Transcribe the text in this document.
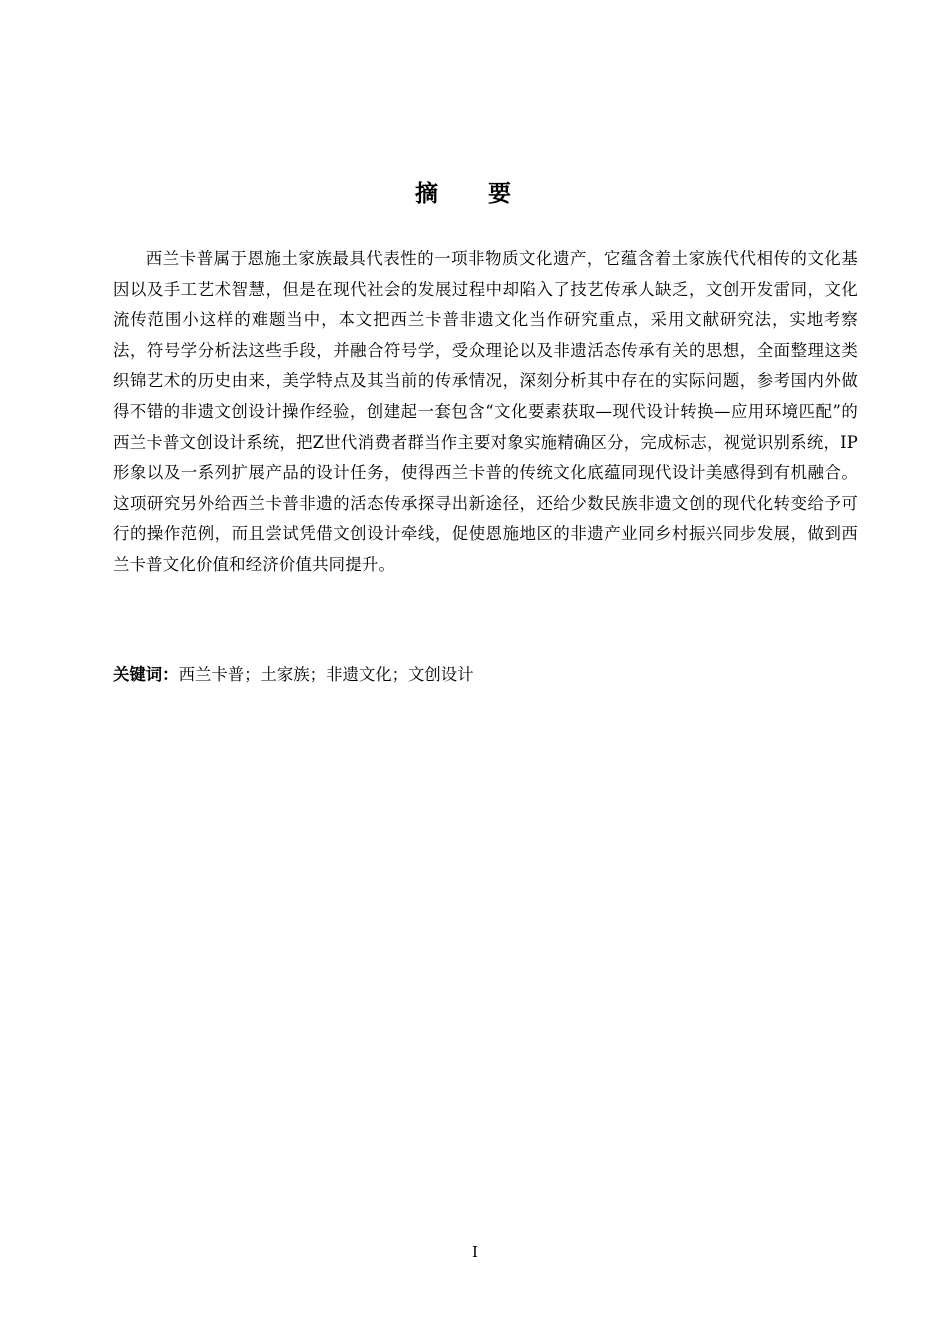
摘要

西兰卡普属于恩施土家族最具代表性的一项非物质文化遗产，它蕴含着土家族代代相传的文化基因以及手工艺术智慧，但是在现代社会的发展过程中却陷入了技艺传承人缺乏，文创开发雷同，文化流传范围小这样的难题当中，本文把西兰卡普非遗文化当作研究重点，采用文献研究法，实地考察法，符号学分析法这些手段，并融合符号学，受众理论以及非遗活态传承有关的思想，全面整理这类织锦艺术的历史由来，美学特点及其当前的传承情况，深刻分析其中存在的实际问题，参考国内外做得不错的非遗文创设计操作经验，创建起一套包含“文化要素获取—现代设计转换—应用环境匹配”的西兰卡普文创设计系统，把Z世代消费者群当作主要对象实施精确区分，完成标志，视觉识别系统，IP形象以及一系列扩展产品的设计任务，使得西兰卡普的传统文化底蕴同现代设计美感得到有机融合。这项研究另外给西兰卡普非遗的活态传承探寻出新途径，还给少数民族非遗文创的现代化转变给予可行的操作范例，而且尝试凭借文创设计牵线，促使恩施地区的非遗产业同乡村振兴同步发展，做到西兰卡普文化价值和经济价值共同提升。

关键词：西兰卡普；土家族；非遗文化；文创设计
I
